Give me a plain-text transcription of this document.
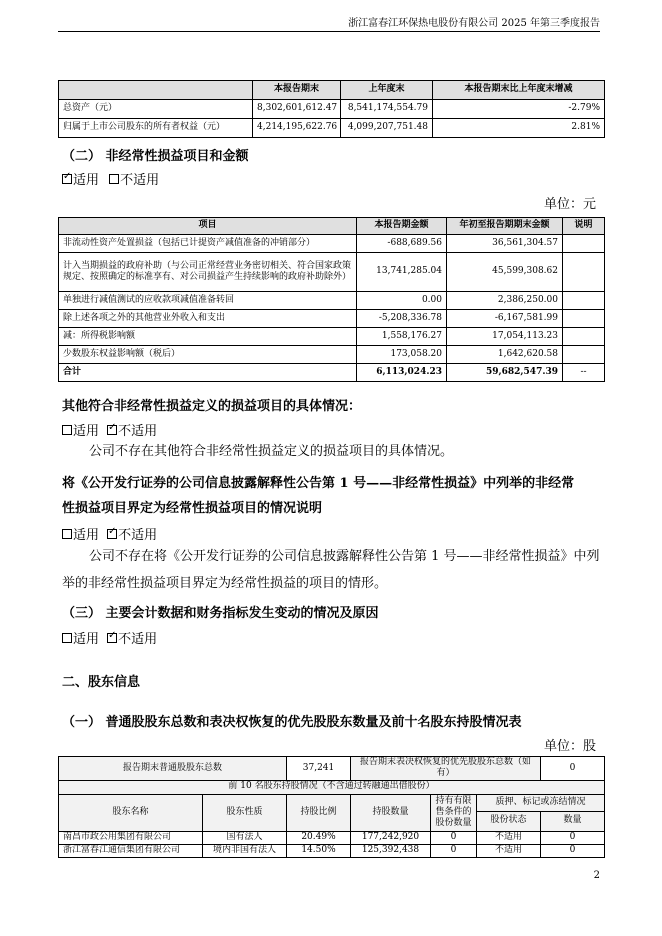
浙江富春江环保热电股份有限公司 2025 年第三季度报告
	本报告期末	上年度末	本报告期末比上年度末增减
总资产（元）	8,302,601,612.47	8,541,174,554.79	-2.79%
归属于上市公司股东的所有者权益（元）	4,214,195,622.76	4,099,207,751.48	2.81%
（二） 非经常性损益项目和金额
✓适用 不适用
单位：元
项目	本报告期金额	年初至报告期期末金额	说明
非流动性资产处置损益（包括已计提资产减值准备的冲销部分）	-688,689.56	36,561,304.57	
计入当期损益的政府补助（与公司正常经营业务密切相关、符合国家政策规定、按照确定的标准享有、对公司损益产生持续影响的政府补助除外）	13,741,285.04	45,599,308.62	
单独进行减值测试的应收款项减值准备转回	0.00	2,386,250.00	
除上述各项之外的其他营业外收入和支出	-5,208,336.78	-6,167,581.99	
减：所得税影响额	1,558,176.27	17,054,113.23	
少数股东权益影响额（税后）	173,058.20	1,642,620.58	
合计	6,113,024.23	59,682,547.39	--
其他符合非经常性损益定义的损益项目的具体情况：
适用 ✓ 不适用
公司不存在其他符合非经常性损益定义的损益项目的具体情况。
将《公开发行证券的公司信息披露解释性公告第 1 号——非经常性损益》中列举的非经常
性损益项目界定为经常性损益项目的情况说明
适用 ✓ 不适用
公司不存在将《公开发行证券的公司信息披露解释性公告第 1 号——非经常性损益》中列举的非经常性损益项目界定为经常性损益的项目的情形。
（三） 主要会计数据和财务指标发生变动的情况及原因
适用 ✓ 不适用
二、股东信息
（一） 普通股股东总数和表决权恢复的优先股股东数量及前十名股东持股情况表
单位：股
报告期末普通股股东总数		37,241	报告期末表决权恢复的优先股股东总数（如有）			0
前 10 名股东持股情况（不含通过转融通出借股份）						
股东名称	股东性质	持股比例	持股数量	持有有限售条件的股份数量	质押、标记或冻结情况	
					股份状态	数量
南昌市政公用集团有限公司	国有法人	20.49%	177,242,920	0	不适用	0
浙江富春江通信集团有限公司	境内非国有法人	14.50%	125,392,438	0	不适用	0
2
